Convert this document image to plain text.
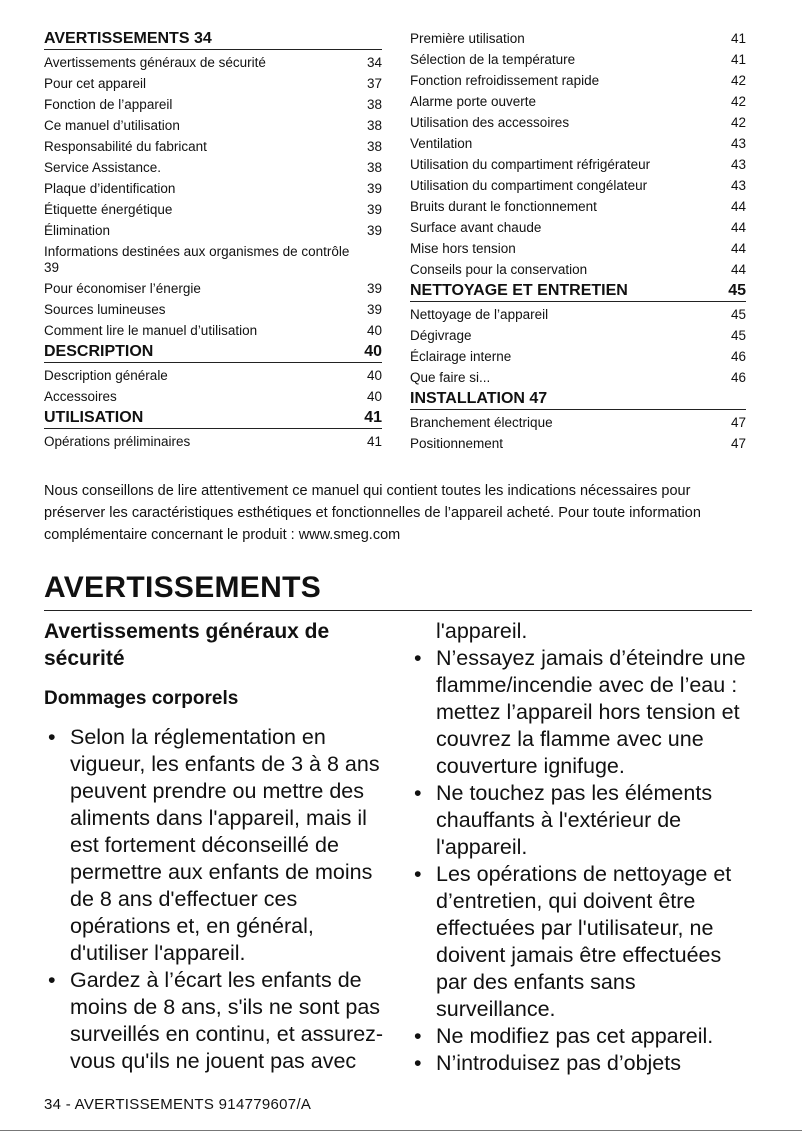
AVERTISSEMENTS 34
Avertissements généraux de sécurité	34
Pour cet appareil	37
Fonction de l’appareil	38
Ce manuel d’utilisation	38
Responsabilité du fabricant	38
Service Assistance.	38
Plaque d’identification	39
Étiquette énergétique	39
Élimination	39
Informations destinées aux organismes de contrôle 39
Pour économiser l’énergie	39
Sources lumineuses	39
Comment lire le manuel d’utilisation	40
DESCRIPTION	40
Description générale	40
Accessoires	40
UTILISATION	41
Opérations préliminaires	41
Première utilisation	41
Sélection de la température	41
Fonction refroidissement rapide	42
Alarme porte ouverte	42
Utilisation des accessoires	42
Ventilation	43
Utilisation du compartiment réfrigérateur	43
Utilisation du compartiment congélateur	43
Bruits durant le fonctionnement	44
Surface avant chaude	44
Mise hors tension	44
Conseils pour la conservation	44
NETTOYAGE ET ENTRETIEN	45
Nettoyage de l’appareil	45
Dégivrage	45
Éclairage interne	46
Que faire si...	46
INSTALLATION 47
Branchement électrique	47
Positionnement	47
Nous conseillons de lire attentivement ce manuel qui contient toutes les indications nécessaires pour préserver les caractéristiques esthétiques et fonctionnelles de l’appareil acheté. Pour toute information complémentaire concernant le produit : www.smeg.com
AVERTISSEMENTS
Avertissements généraux de sécurité
Dommages corporels
• Selon la réglementation en vigueur, les enfants de 3 à 8 ans peuvent prendre ou mettre des aliments dans l'appareil, mais il est fortement déconseillé de permettre aux enfants de moins de 8 ans d'effectuer ces opérations et, en général, d'utiliser l'appareil.
• Gardez à l’écart les enfants de moins de 8 ans, s'ils ne sont pas surveillés en continu, et assurez-vous qu'ils ne jouent pas avec
l'appareil.
• N’essayez jamais d’éteindre une flamme/incendie avec de l’eau : mettez l’appareil hors tension et couvrez la flamme avec une couverture ignifuge.
• Ne touchez pas les éléments chauffants à l'extérieur de l'appareil.
• Les opérations de nettoyage et d’entretien, qui doivent être effectuées par l'utilisateur, ne doivent jamais être effectuées par des enfants sans surveillance.
• Ne modifiez pas cet appareil.
• N’introduisez pas d’objets
34 - AVERTISSEMENTS 914779607/A
